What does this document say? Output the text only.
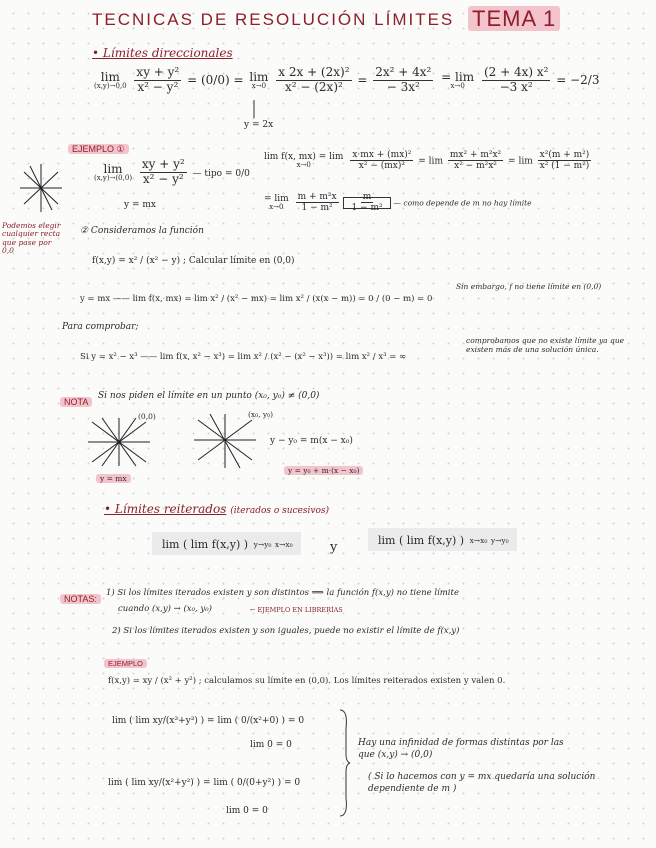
TECNICAS DE RESOLUCIÓN LÍMITES TEMA 1
• Límites direccionales
lim
(x,y)→0,0
$\frac{\text{xy + y²}}{\text{x² − y²}} = (0/0) = \lim$
x→0
$\frac{\text{x 2x + (2x)²}}{\text{x² − (2x)²}} = \frac{\text{2x² + 4x²}}{\text{− 3x²}}$
= lim
x→0
$\frac{\text{(2 + 4x) x²}}{\text{−3 x²}} = -2/3$
y = 2x
EJEMPLO ①
Podemos elegir cualquier recta que pase por 0,0
lim
(x,y)→(0,0)
$\frac{\text{xy + y²}}{\text{x² − y²}}$ — tipo = 0/0
y = mx
lim f(x, mx) = lim
x→0
	$\frac{\text{x·mx + (mx)²}}{\text{x² − (mx)²}} = \lim \frac{\text{mx² + m²x²}}{\text{x² − m²x²}} = \lim \frac{\text{x²(m + m²)}}{\text{x² (1 − m²)}}$
= lim
x→0
$\frac{\text{m + m²x}}{\text{1 − m²}}$
$\frac{m}{\text{1 − m²}}$ — como depende de m no hay límite
② Consideramos la función
f(x,y) = x² / (x² − y) ; Calcular límite en (0,0)
y = mx —— lim f(x, mx) = lim x² / (x² − mx) = lim x² / (x(x − m)) = 0 / (0 − m) = 0
Sin embargo, f no tiene límite en (0,0)
Para comprobar;
Si y = x² − x³ —— lim f(x, x² − x³) = lim x² / (x² − (x² − x³)) = lim x² / x³ = ∞
comprobamos que no existe límite ya que existen más de una solución única.
NOTA
Si nos piden el límite en un punto (x₀, y₀) ≠ (0,0)
(0,0)
y = mx
(x₀, y₀)
y − y₀ = m(x − x₀)
y = y₀ + m·(x − x₀)
• Límites reiterados (iterados o sucesivos)
lim ( lim f(x,y) ) y→y₀ x→x₀	y	lim ( lim f(x,y) ) x→x₀ y→y₀
NOTAS:
1) Si los límites iterados existen y son distintos ⟹ la función f(x,y) no tiene límite
cuando (x,y) → (x₀, y₀)	← EJEMPLO EN LIBRERÍAS
2) Si los límites iterados existen y son iguales, puede no existir el límite de f(x,y)
EJEMPLO
f(x,y) = xy / (x² + y²) ; calculamos su límite en (0,0). Los límites reiterados existen y valen 0.
lim ( lim xy/(x²+y²) ) = lim ( 0/(x²+0) ) = 0
lim 0 = 0
lim ( lim xy/(x²+y²) ) = lim ( 0/(0+y²) ) = 0
lim 0 = 0
Hay una infinidad de formas distintas por las que (x,y) → (0,0)
( Si lo hacemos con y = mx quedaría una solución dependiente de m )
